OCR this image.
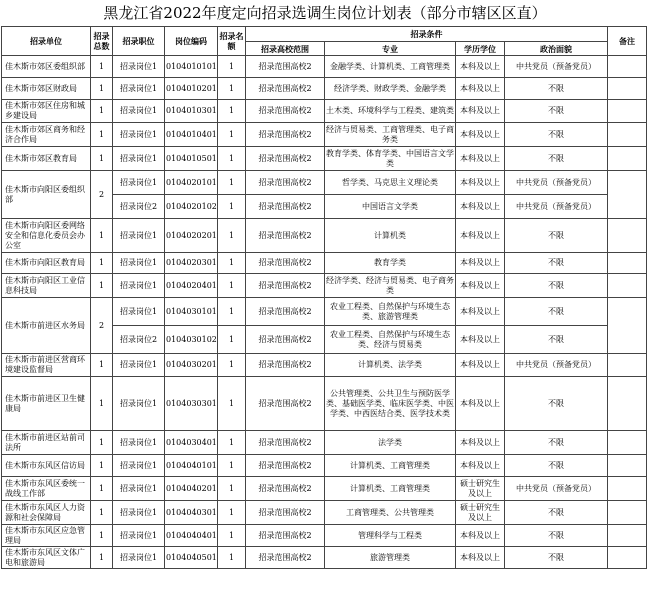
黑龙江省2022年度定向招录选调生岗位计划表（部分市辖区区直）
招录单位	招录总数	招录职位	岗位编码	招录名额	招录条件				备注
					招录高校范围	专业	学历学位	政治面貌	
佳木斯市郊区委组织部	1	招录岗位1	0104010101	1	招录范围高校2	金融学类、计算机类、工商管理类	本科及以上	中共党员（预备党员）	
佳木斯市郊区财政局	1	招录岗位1	0104010201	1	招录范围高校2	经济学类、财政学类、金融学类	本科及以上	不限	
佳木斯市郊区住房和城乡建设局	1	招录岗位1	0104010301	1	招录范围高校2	土木类、环境科学与工程类、建筑类	本科及以上	不限	
佳木斯市郊区商务和经济合作局	1	招录岗位1	0104010401	1	招录范围高校2	经济与贸易类、工商管理类、电子商务类	本科及以上	不限	
佳木斯市郊区教育局	1	招录岗位1	0104010501	1	招录范围高校2	教育学类、体育学类、中国语言文学类	本科及以上	不限	
佳木斯市向阳区委组织部	2	招录岗位1	0104020101	1	招录范围高校2	哲学类、马克思主义理论类	本科及以上	中共党员（预备党员）	
		招录岗位2	0104020102	1	招录范围高校2	中国语言文学类	本科及以上	中共党员（预备党员）	
佳木斯市向阳区委网络安全和信息化委员会办公室	1	招录岗位1	0104020201	1	招录范围高校2	计算机类	本科及以上	不限	
佳木斯市向阳区教育局	1	招录岗位1	0104020301	1	招录范围高校2	教育学类	本科及以上	不限	
佳木斯市向阳区工业信息科技局	1	招录岗位1	0104020401	1	招录范围高校2	经济学类、经济与贸易类、电子商务类	本科及以上	不限	
佳木斯市前进区水务局	2	招录岗位1	0104030101	1	招录范围高校2	农业工程类、自然保护与环境生态类、旅游管理类	本科及以上	不限	
		招录岗位2	0104030102	1	招录范围高校2	农业工程类、自然保护与环境生态类、经济与贸易类	本科及以上	不限	
佳木斯市前进区营商环境建设监督局	1	招录岗位1	0104030201	1	招录范围高校2	计算机类、法学类	本科及以上	中共党员（预备党员）	
佳木斯市前进区卫生健康局	1	招录岗位1	0104030301	1	招录范围高校2	公共管理类、公共卫生与预防医学类、基础医学类、临床医学类、中医学类、中西医结合类、医学技术类	本科及以上	不限	
佳木斯市前进区站前司法所	1	招录岗位1	0104030401	1	招录范围高校2	法学类	本科及以上	不限	
佳木斯市东风区信访局	1	招录岗位1	0104040101	1	招录范围高校2	计算机类、工商管理类	本科及以上	不限	
佳木斯市东风区委统一战线工作部	1	招录岗位1	0104040201	1	招录范围高校2	计算机类、工商管理类	硕士研究生及以上	中共党员（预备党员）	
佳木斯市东风区人力资源和社会保障局	1	招录岗位1	0104040301	1	招录范围高校2	工商管理类、公共管理类	硕士研究生及以上	不限	
佳木斯市东风区应急管理局	1	招录岗位1	0104040401	1	招录范围高校2	管理科学与工程类	本科及以上	不限	
佳木斯市东风区文体广电和旅游局	1	招录岗位1	0104040501	1	招录范围高校2	旅游管理类	本科及以上	不限	
